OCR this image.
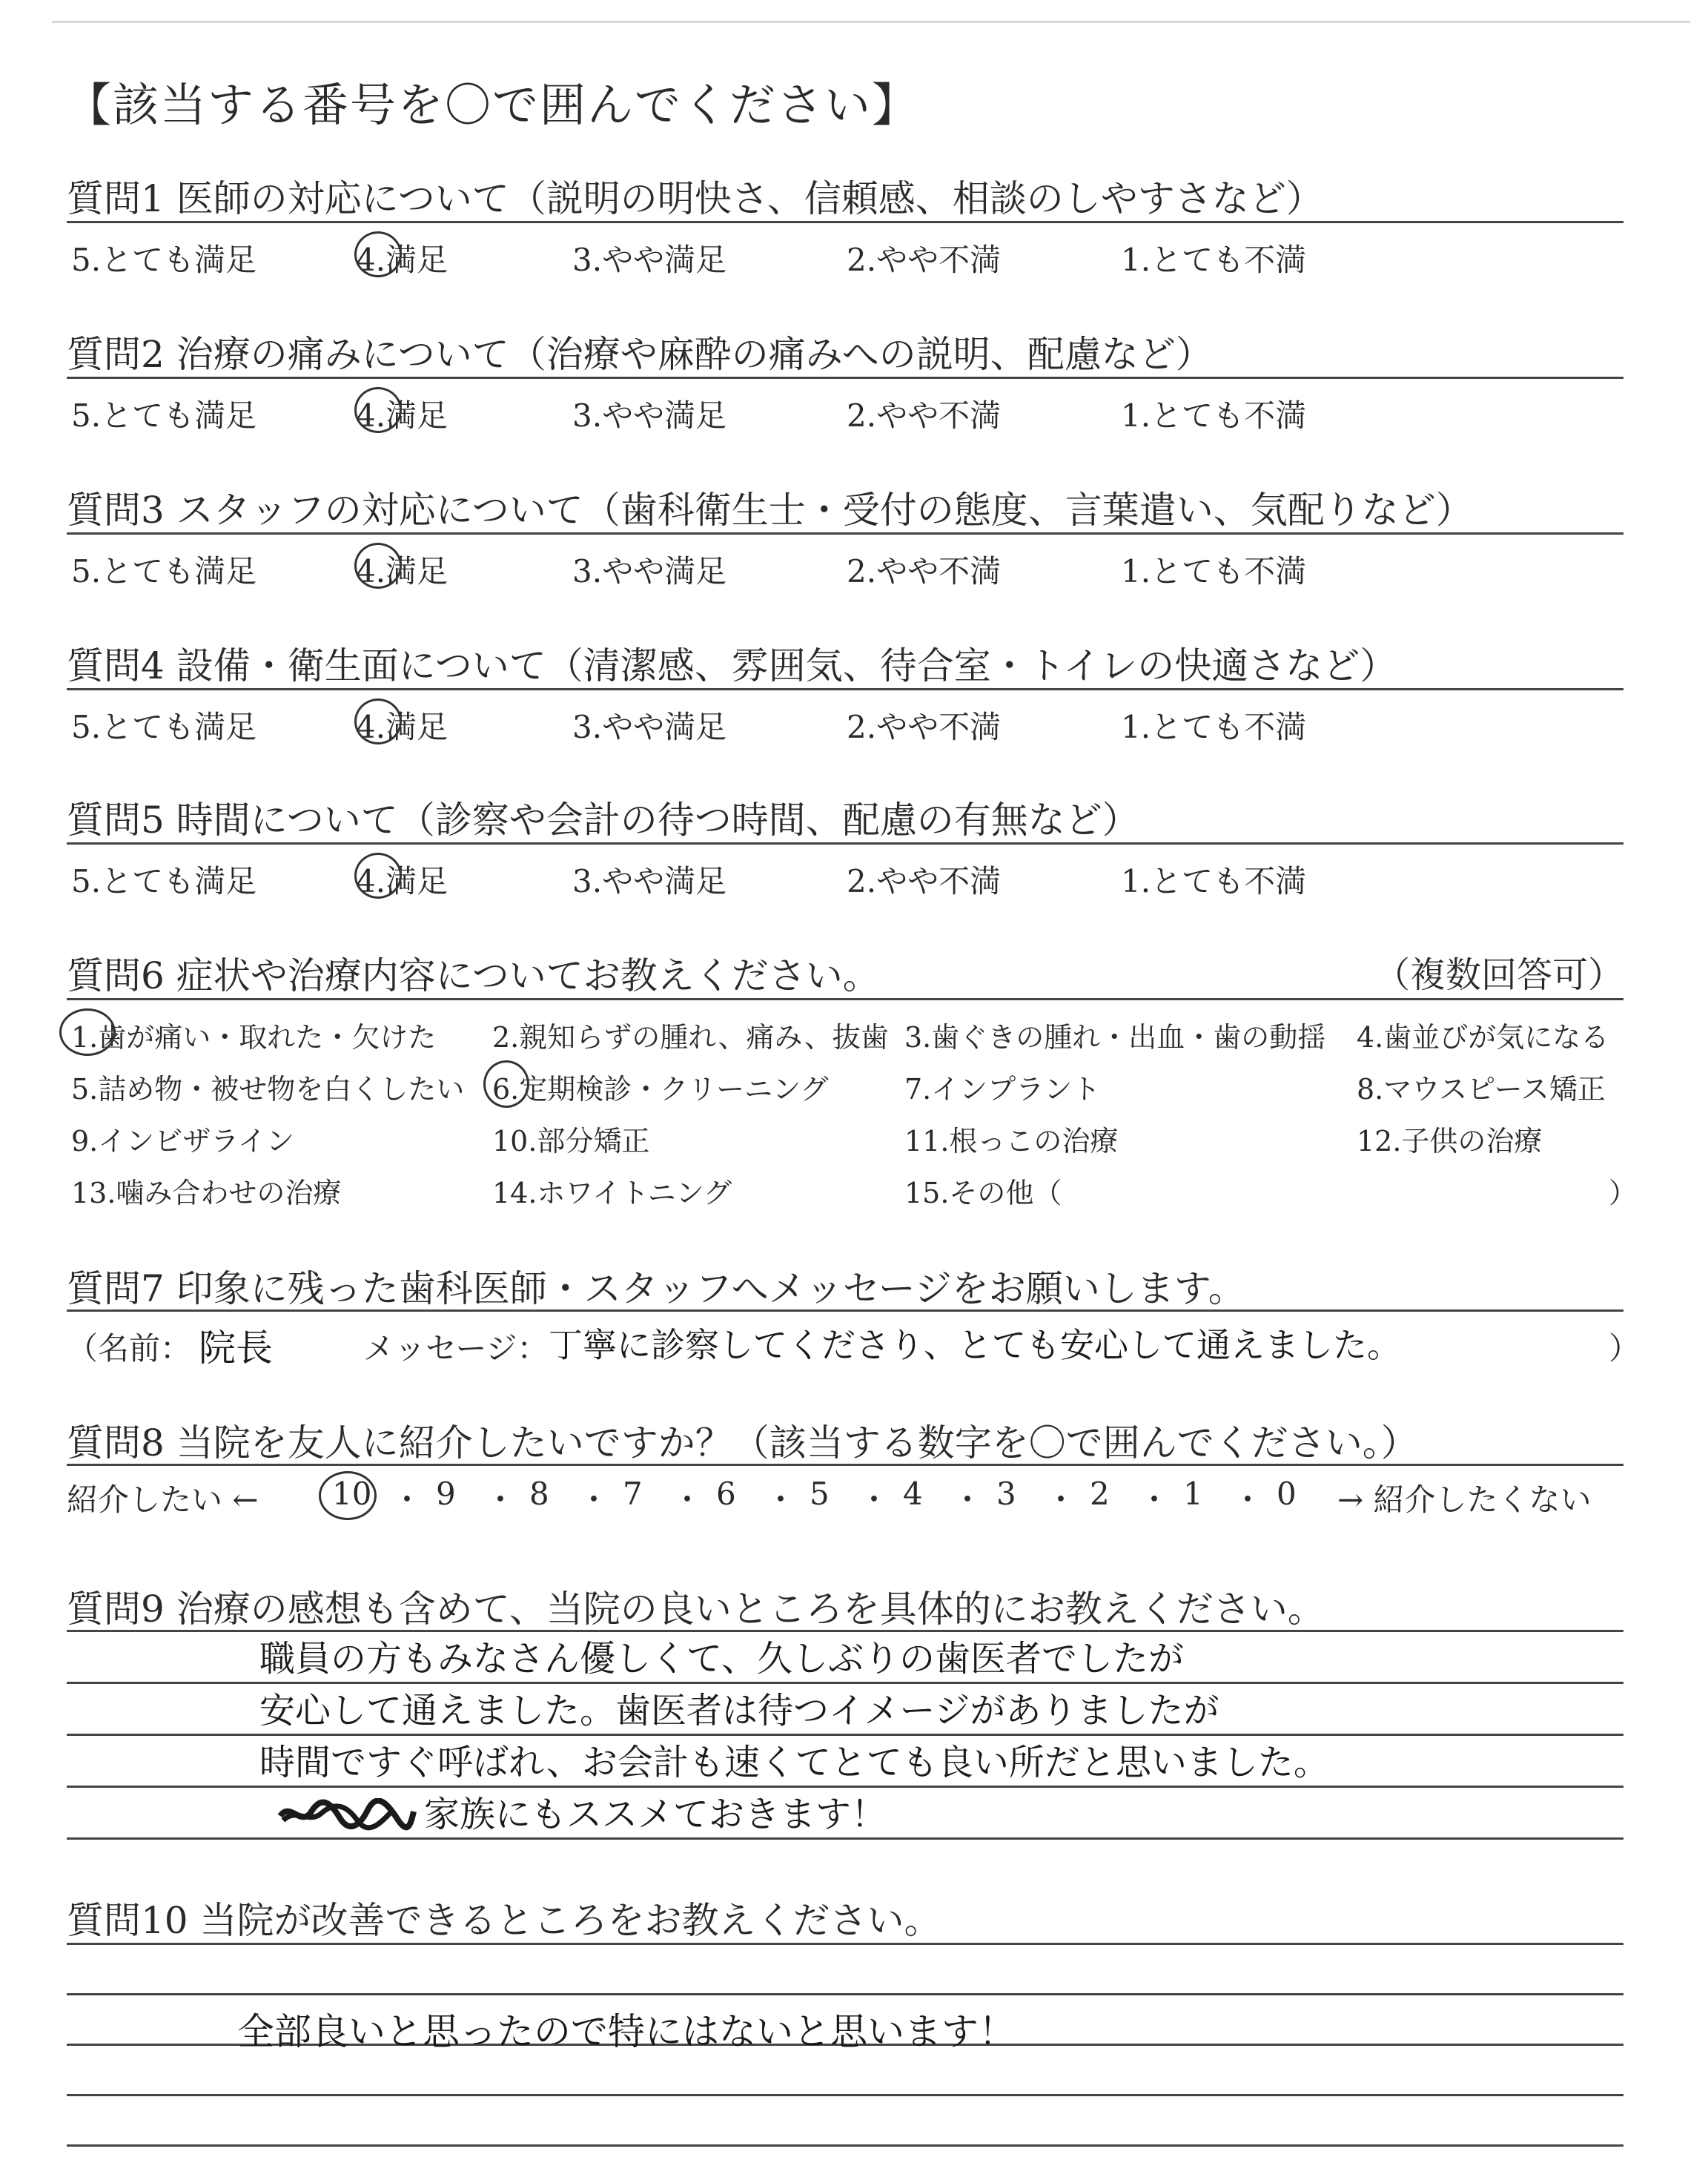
【該当する番号を〇で囲んでください】
質問1 医師の対応について（説明の明快さ、信頼感、相談のしやすさなど）
5.とても満足	4.満足	3.やや満足	2.やや不満	1.とても不満
質問2 治療の痛みについて（治療や麻酔の痛みへの説明、配慮など）
5.とても満足	4.満足	3.やや満足	2.やや不満	1.とても不満
質問3 スタッフの対応について（歯科衛生士・受付の態度、言葉遣い、気配りなど）
5.とても満足	4.満足	3.やや満足	2.やや不満	1.とても不満
質問4 設備・衛生面について（清潔感、雰囲気、待合室・トイレの快適さなど）
5.とても満足	4.満足	3.やや満足	2.やや不満	1.とても不満
質問5 時間について（診察や会計の待つ時間、配慮の有無など）
5.とても満足	4.満足	3.やや満足	2.やや不満	1.とても不満
質問6 症状や治療内容についてお教えください。	（複数回答可）
1.歯が痛い・取れた・欠けた 2.親知らずの腫れ、痛み、抜歯 3.歯ぐきの腫れ・出血・歯の動揺 4.歯並びが気になる
5.詰め物・被せ物を白くしたい 6.定期検診・クリーニング	7.インプラント	8.マウスピース矯正
9.インビザライン	10.部分矯正	11.根っこの治療	12.子供の治療
13.噛み合わせの治療	14.ホワイトニング	15.その他（	）
質問7 印象に残った歯科医師・スタッフへメッセージをお願いします。
（名前： 院長	メッセージ： 丁寧に診察してくださり、とても安心して通えました。	）
質問8 当院を友人に紹介したいですか？（該当する数字を〇で囲んでください。）
紹介したい ← 10 ・ 9 ・ 8 ・ 7 ・ 6 ・ 5 ・ 4 ・ 3 ・ 2 ・ 1 ・ 0 → 紹介したくない
質問9 治療の感想も含めて、当院の良いところを具体的にお教えください。
職員の方もみなさん優しくて、久しぶりの歯医者でしたが
安心して通えました。歯医者は待つイメージがありましたが
時間ですぐ呼ばれ、お会計も速くてとても良い所だと思いました。
家族にもススメておきます！
質問10 当院が改善できるところをお教えください。
全部良いと思ったので特にはないと思います！
